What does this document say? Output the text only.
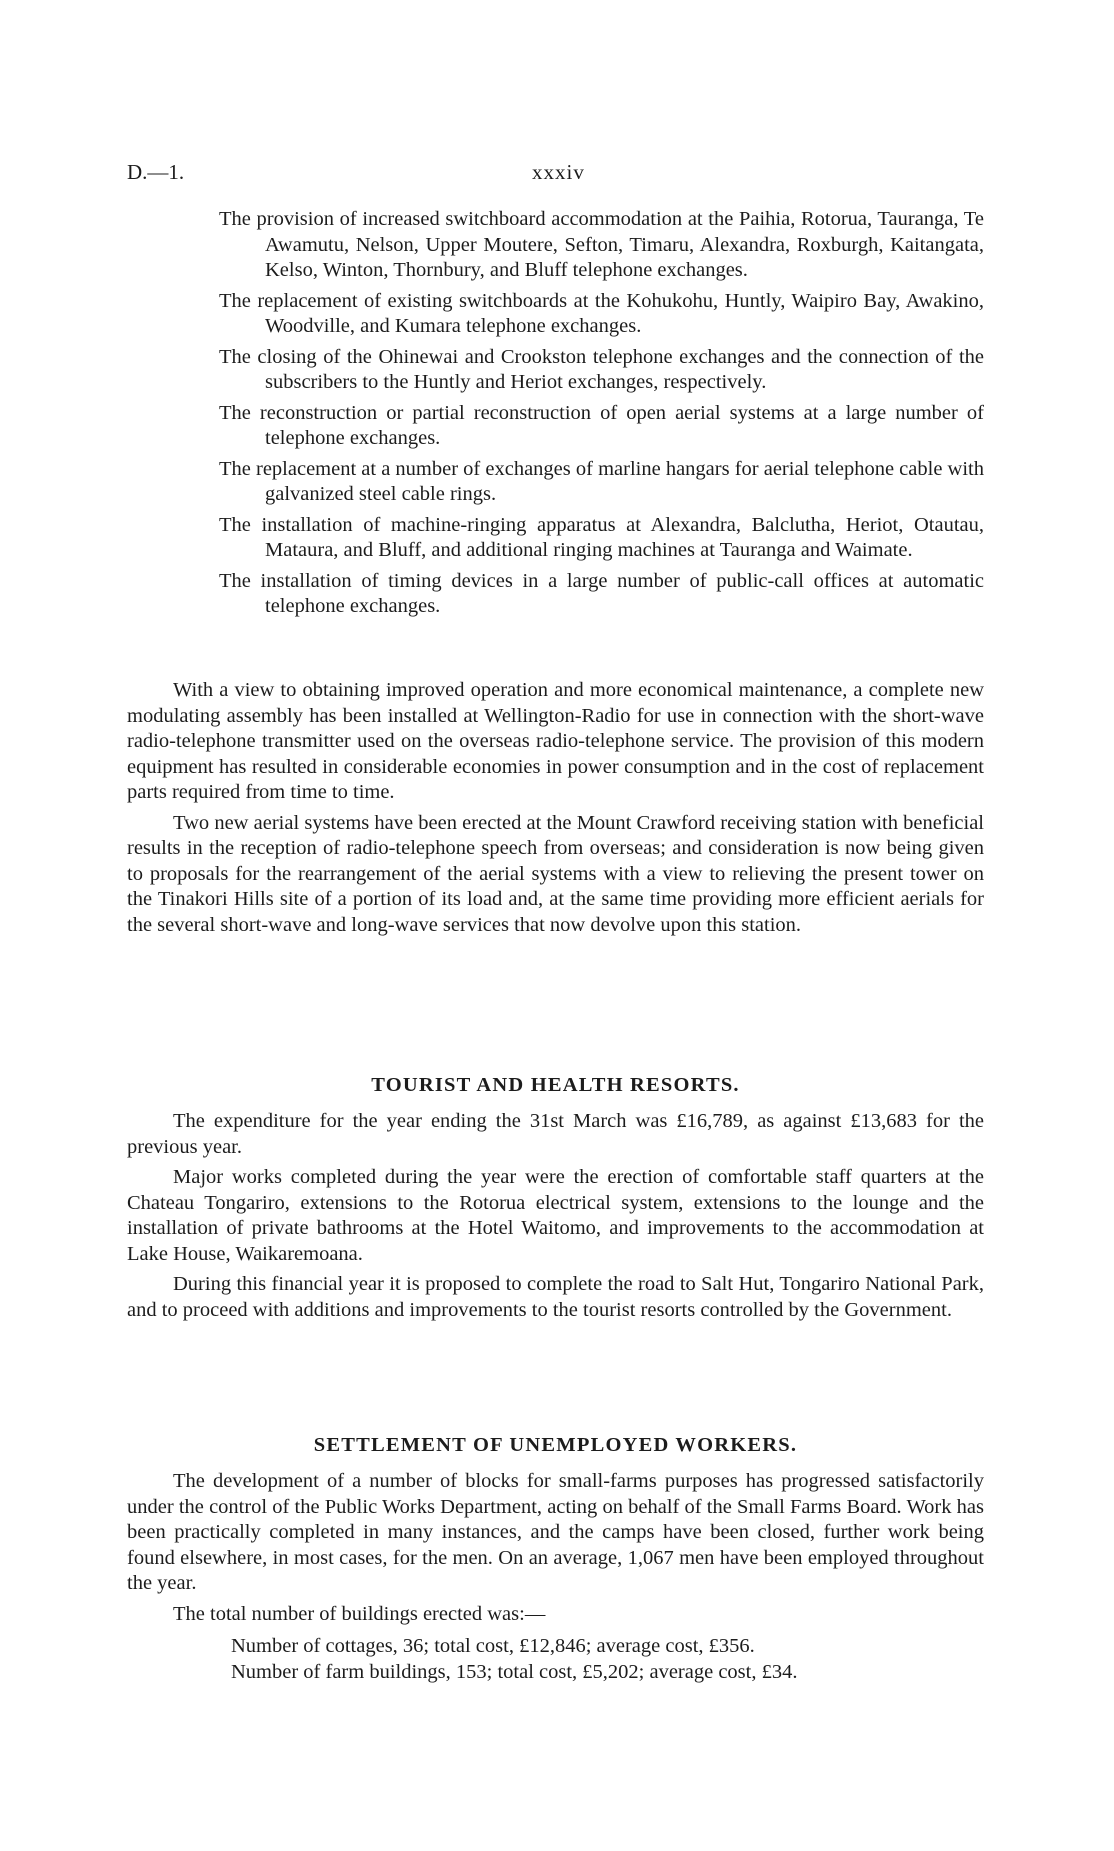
D.—1.	xxxiv

The provision of increased switchboard accommodation at the Paihia, Rotorua, Tauranga, Te Awamutu, Nelson, Upper Moutere, Sefton, Timaru, Alexandra, Roxburgh, Kaitangata, Kelso, Winton, Thornbury, and Bluff telephone exchanges.

The replacement of existing switchboards at the Kohukohu, Huntly, Waipiro Bay, Awakino, Woodville, and Kumara telephone exchanges.

The closing of the Ohinewai and Crookston telephone exchanges and the connection of the subscribers to the Huntly and Heriot exchanges, respectively.

The reconstruction or partial reconstruction of open aerial systems at a large number of telephone exchanges.

The replacement at a number of exchanges of marline hangars for aerial telephone cable with galvanized steel cable rings.

The installation of machine-ringing apparatus at Alexandra, Balclutha, Heriot, Otautau, Mataura, and Bluff, and additional ringing machines at Tauranga and Waimate.

The installation of timing devices in a large number of public-call offices at automatic telephone exchanges.

With a view to obtaining improved operation and more economical maintenance, a complete new modulating assembly has been installed at Wellington-Radio for use in connection with the short-wave radio-telephone transmitter used on the overseas radio-telephone service. The provision of this modern equipment has resulted in considerable economies in power consumption and in the cost of replacement parts required from time to time.

Two new aerial systems have been erected at the Mount Crawford receiving station with beneficial results in the reception of radio-telephone speech from overseas; and consideration is now being given to proposals for the rearrangement of the aerial systems with a view to relieving the present tower on the Tinakori Hills site of a portion of its load and, at the same time providing more efficient aerials for the several short-wave and long-wave services that now devolve upon this station.

TOURIST AND HEALTH RESORTS.

The expenditure for the year ending the 31st March was £16,789, as against £13,683 for the previous year.

Major works completed during the year were the erection of comfortable staff quarters at the Chateau Tongariro, extensions to the Rotorua electrical system, extensions to the lounge and the installation of private bathrooms at the Hotel Waitomo, and improvements to the accommodation at Lake House, Waikaremoana.

During this financial year it is proposed to complete the road to Salt Hut, Tongariro National Park, and to proceed with additions and improvements to the tourist resorts controlled by the Government.

SETTLEMENT OF UNEMPLOYED WORKERS.

The development of a number of blocks for small-farms purposes has progressed satisfactorily under the control of the Public Works Department, acting on behalf of the Small Farms Board. Work has been practically completed in many instances, and the camps have been closed, further work being found elsewhere, in most cases, for the men. On an average, 1,067 men have been employed throughout the year.

The total number of buildings erected was:—

Number of cottages, 36; total cost, £12,846; average cost, £356.
Number of farm buildings, 153; total cost, £5,202; average cost, £34.
